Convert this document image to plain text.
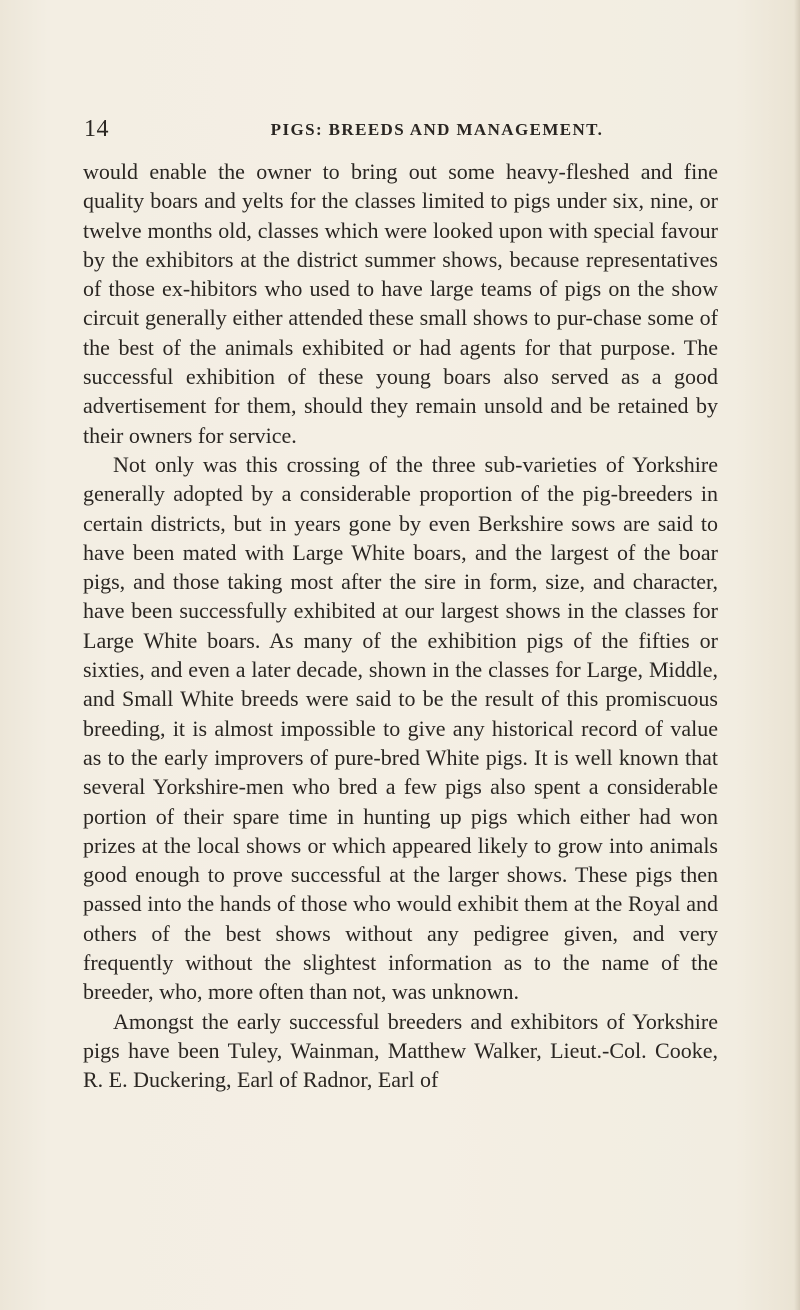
14	PIGS: BREEDS AND MANAGEMENT.

would enable the owner to bring out some heavy-fleshed and fine quality boars and yelts for the classes limited to pigs under six, nine, or twelve months old, classes which were looked upon with special favour by the exhibitors at the district summer shows, because representatives of those ex-hibitors who used to have large teams of pigs on the show circuit generally either attended these small shows to pur-chase some of the best of the animals exhibited or had agents for that purpose. The successful exhibition of these young boars also served as a good advertisement for them, should they remain unsold and be retained by their owners for service.

Not only was this crossing of the three sub-varieties of Yorkshire generally adopted by a considerable proportion of the pig-breeders in certain districts, but in years gone by even Berkshire sows are said to have been mated with Large White boars, and the largest of the boar pigs, and those taking most after the sire in form, size, and character, have been successfully exhibited at our largest shows in the classes for Large White boars. As many of the exhibition pigs of the fifties or sixties, and even a later decade, shown in the classes for Large, Middle, and Small White breeds were said to be the result of this promiscuous breeding, it is almost impossible to give any historical record of value as to the early improvers of pure-bred White pigs. It is well known that several Yorkshire-men who bred a few pigs also spent a considerable portion of their spare time in hunting up pigs which either had won prizes at the local shows or which appeared likely to grow into animals good enough to prove successful at the larger shows. These pigs then passed into the hands of those who would exhibit them at the Royal and others of the best shows without any pedigree given, and very frequently without the slightest information as to the name of the breeder, who, more often than not, was unknown.

Amongst the early successful breeders and exhibitors of Yorkshire pigs have been Tuley, Wainman, Matthew Walker, Lieut.-Col. Cooke, R. E. Duckering, Earl of Radnor, Earl of
